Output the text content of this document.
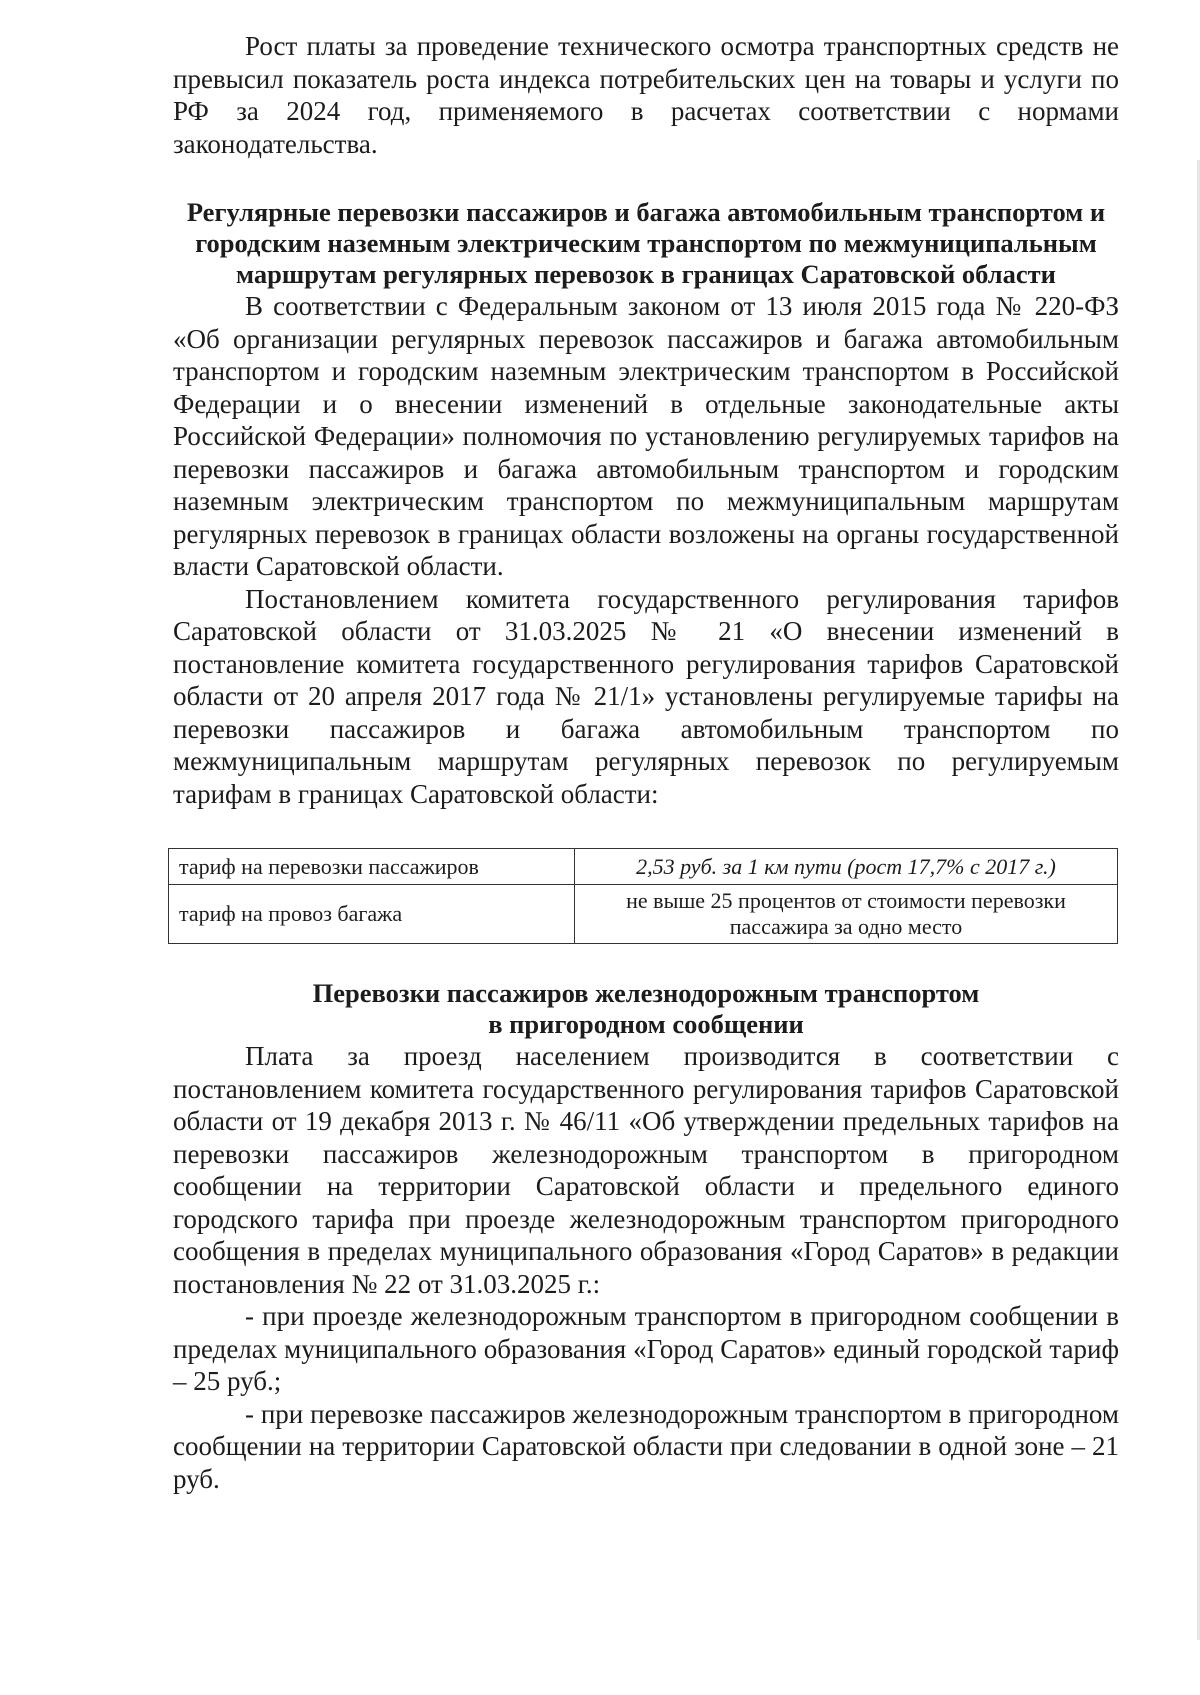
Рост платы за проведение технического осмотра транспортных средств не превысил показатель роста индекса потребительских цен на товары и услуги по РФ за 2024 год, применяемого в расчетах соответствии с нормами законодательства.

Регулярные перевозки пассажиров и багажа автомобильным транспортом и городским наземным электрическим транспортом по межмуниципальным маршрутам регулярных перевозок в границах Саратовской области

В соответствии с Федеральным законом от 13 июля 2015 года № 220-ФЗ «Об организации регулярных перевозок пассажиров и багажа автомобильным транспортом и городским наземным электрическим транспортом в Российской Федерации и о внесении изменений в отдельные законодательные акты Российской Федерации» полномочия по установлению регулируемых тарифов на перевозки пассажиров и багажа автомобильным транспортом и городским наземным электрическим транспортом по межмуниципальным маршрутам регулярных перевозок в границах области возложены на органы государственной власти Саратовской области.

Постановлением комитета государственного регулирования тарифов Саратовской области от 31.03.2025 № 21 «О внесении изменений в постановление комитета государственного регулирования тарифов Саратовской области от 20 апреля 2017 года № 21/1» установлены регулируемые тарифы на перевозки пассажиров и багажа автомобильным транспортом по межмуниципальным маршрутам регулярных перевозок по регулируемым тарифам в границах Саратовской области:

тариф на перевозки пассажиров	2,53 руб. за 1 км пути (рост 17,7% с 2017 г.)
тариф на провоз багажа	не выше 25 процентов от стоимости перевозки пассажира за одно место

Перевозки пассажиров железнодорожным транспортом

в пригородном сообщении

Плата за проезд населением производится в соответствии с постановлением комитета государственного регулирования тарифов Саратовской области от 19 декабря 2013 г. № 46/11 «Об утверждении предельных тарифов на перевозки пассажиров железнодорожным транспортом в пригородном сообщении на территории Саратовской области и предельного единого городского тарифа при проезде железнодорожным транспортом пригородного сообщения в пределах муниципального образования «Город Саратов» в редакции постановления № 22 от 31.03.2025 г.:

- при проезде железнодорожным транспортом в пригородном сообщении в пределах муниципального образования «Город Саратов» единый городской тариф – 25 руб.;

- при перевозке пассажиров железнодорожным транспортом в пригородном сообщении на территории Саратовской области при следовании в одной зоне – 21 руб.
